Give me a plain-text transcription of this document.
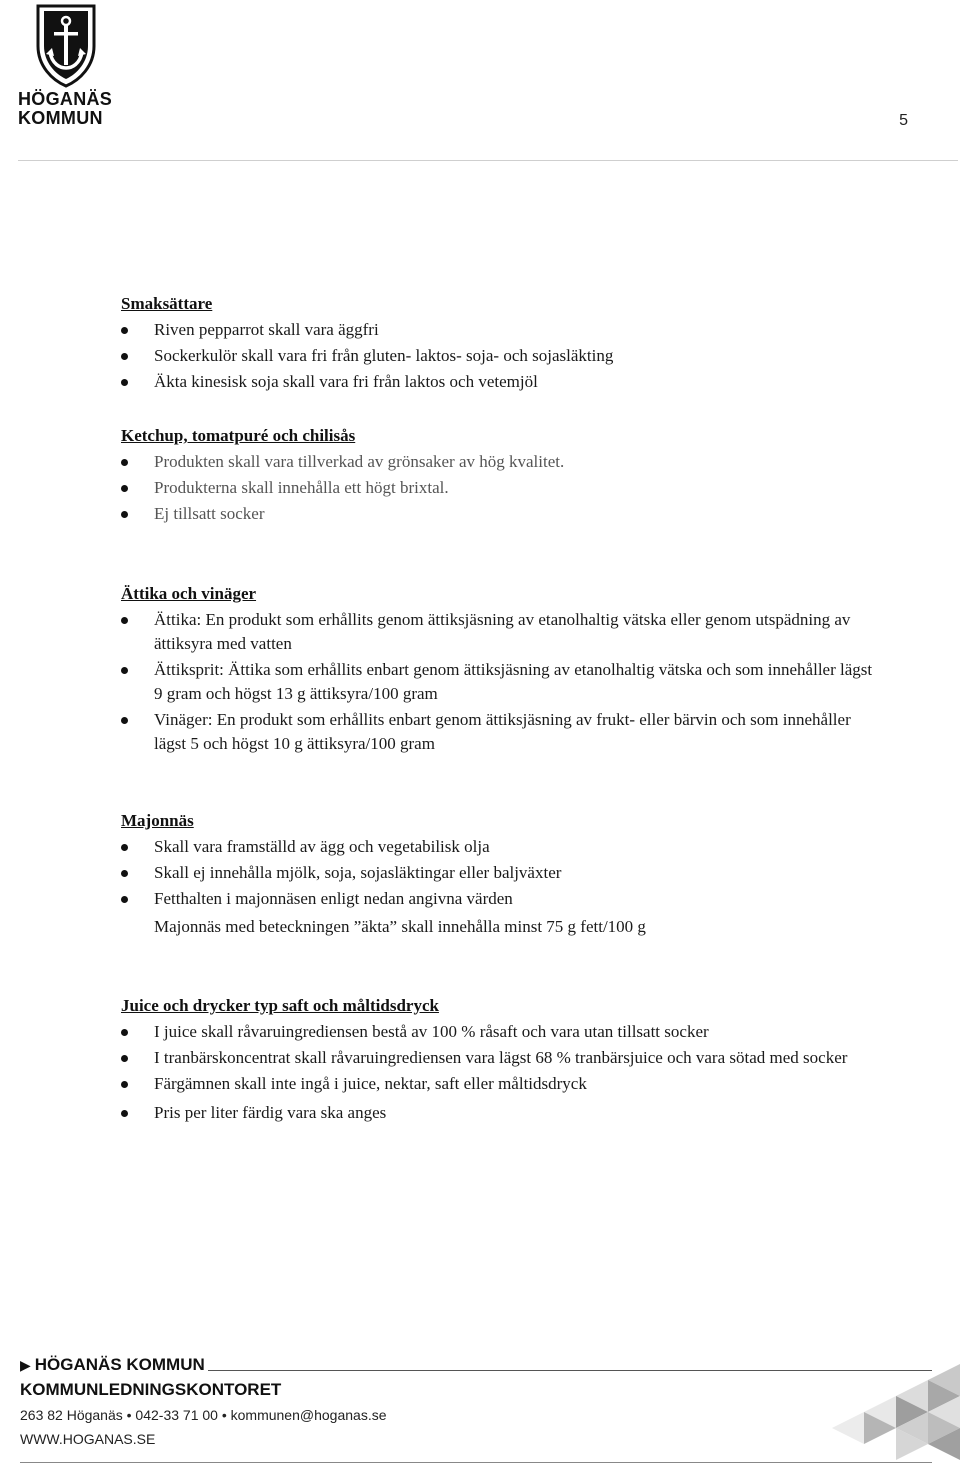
HÖGANÄS
KOMMUN	5
Smaksättare
Riven pepparrot skall vara äggfri
Sockerkulör skall vara fri från gluten- laktos- soja- och sojasläkting
Äkta kinesisk soja skall vara fri från laktos och vetemjöl
Ketchup, tomatpuré och chilisås
Produkten skall vara tillverkad av grönsaker av hög kvalitet.
Produkterna skall innehålla ett högt brixtal.
Ej tillsatt socker
Ättika och vinäger
Ättika: En produkt som erhållits genom ättiksjäsning av etanolhaltig vätska eller genom utspädning av ättiksyra med vatten
Ättiksprit: Ättika som erhållits enbart genom ättiksjäsning av etanolhaltig vätska och som innehåller lägst 9 gram och högst 13 g ättiksyra/100 gram
Vinäger: En produkt som erhållits enbart genom ättiksjäsning av frukt- eller bärvin och som innehåller lägst 5 och högst 10 g ättiksyra/100 gram
Majonnäs
Skall vara framställd av ägg och vegetabilisk olja
Skall ej innehålla mjölk, soja, sojasläktingar eller baljväxter
Fetthalten i majonnäsen enligt nedan angivna värden
Majonnäs med beteckningen ”äkta” skall innehålla minst 75 g fett/100 g
Juice och drycker typ saft och måltidsdryck
I juice skall råvaruingrediensen bestå av 100 % råsaft och vara utan tillsatt socker
I tranbärskoncentrat skall råvaruingrediensen vara lägst 68 % tranbärsjuice och vara sötad med socker
Färgämnen skall inte ingå i juice, nektar, saft eller måltidsdryck
Pris per liter färdig vara ska anges
▶ HÖGANÄS KOMMUN
KOMMUNLEDNINGSKONTORET
263 82 Höganäs • 042-33 71 00 • kommunen@hoganas.se
WWW.HOGANAS.SE
